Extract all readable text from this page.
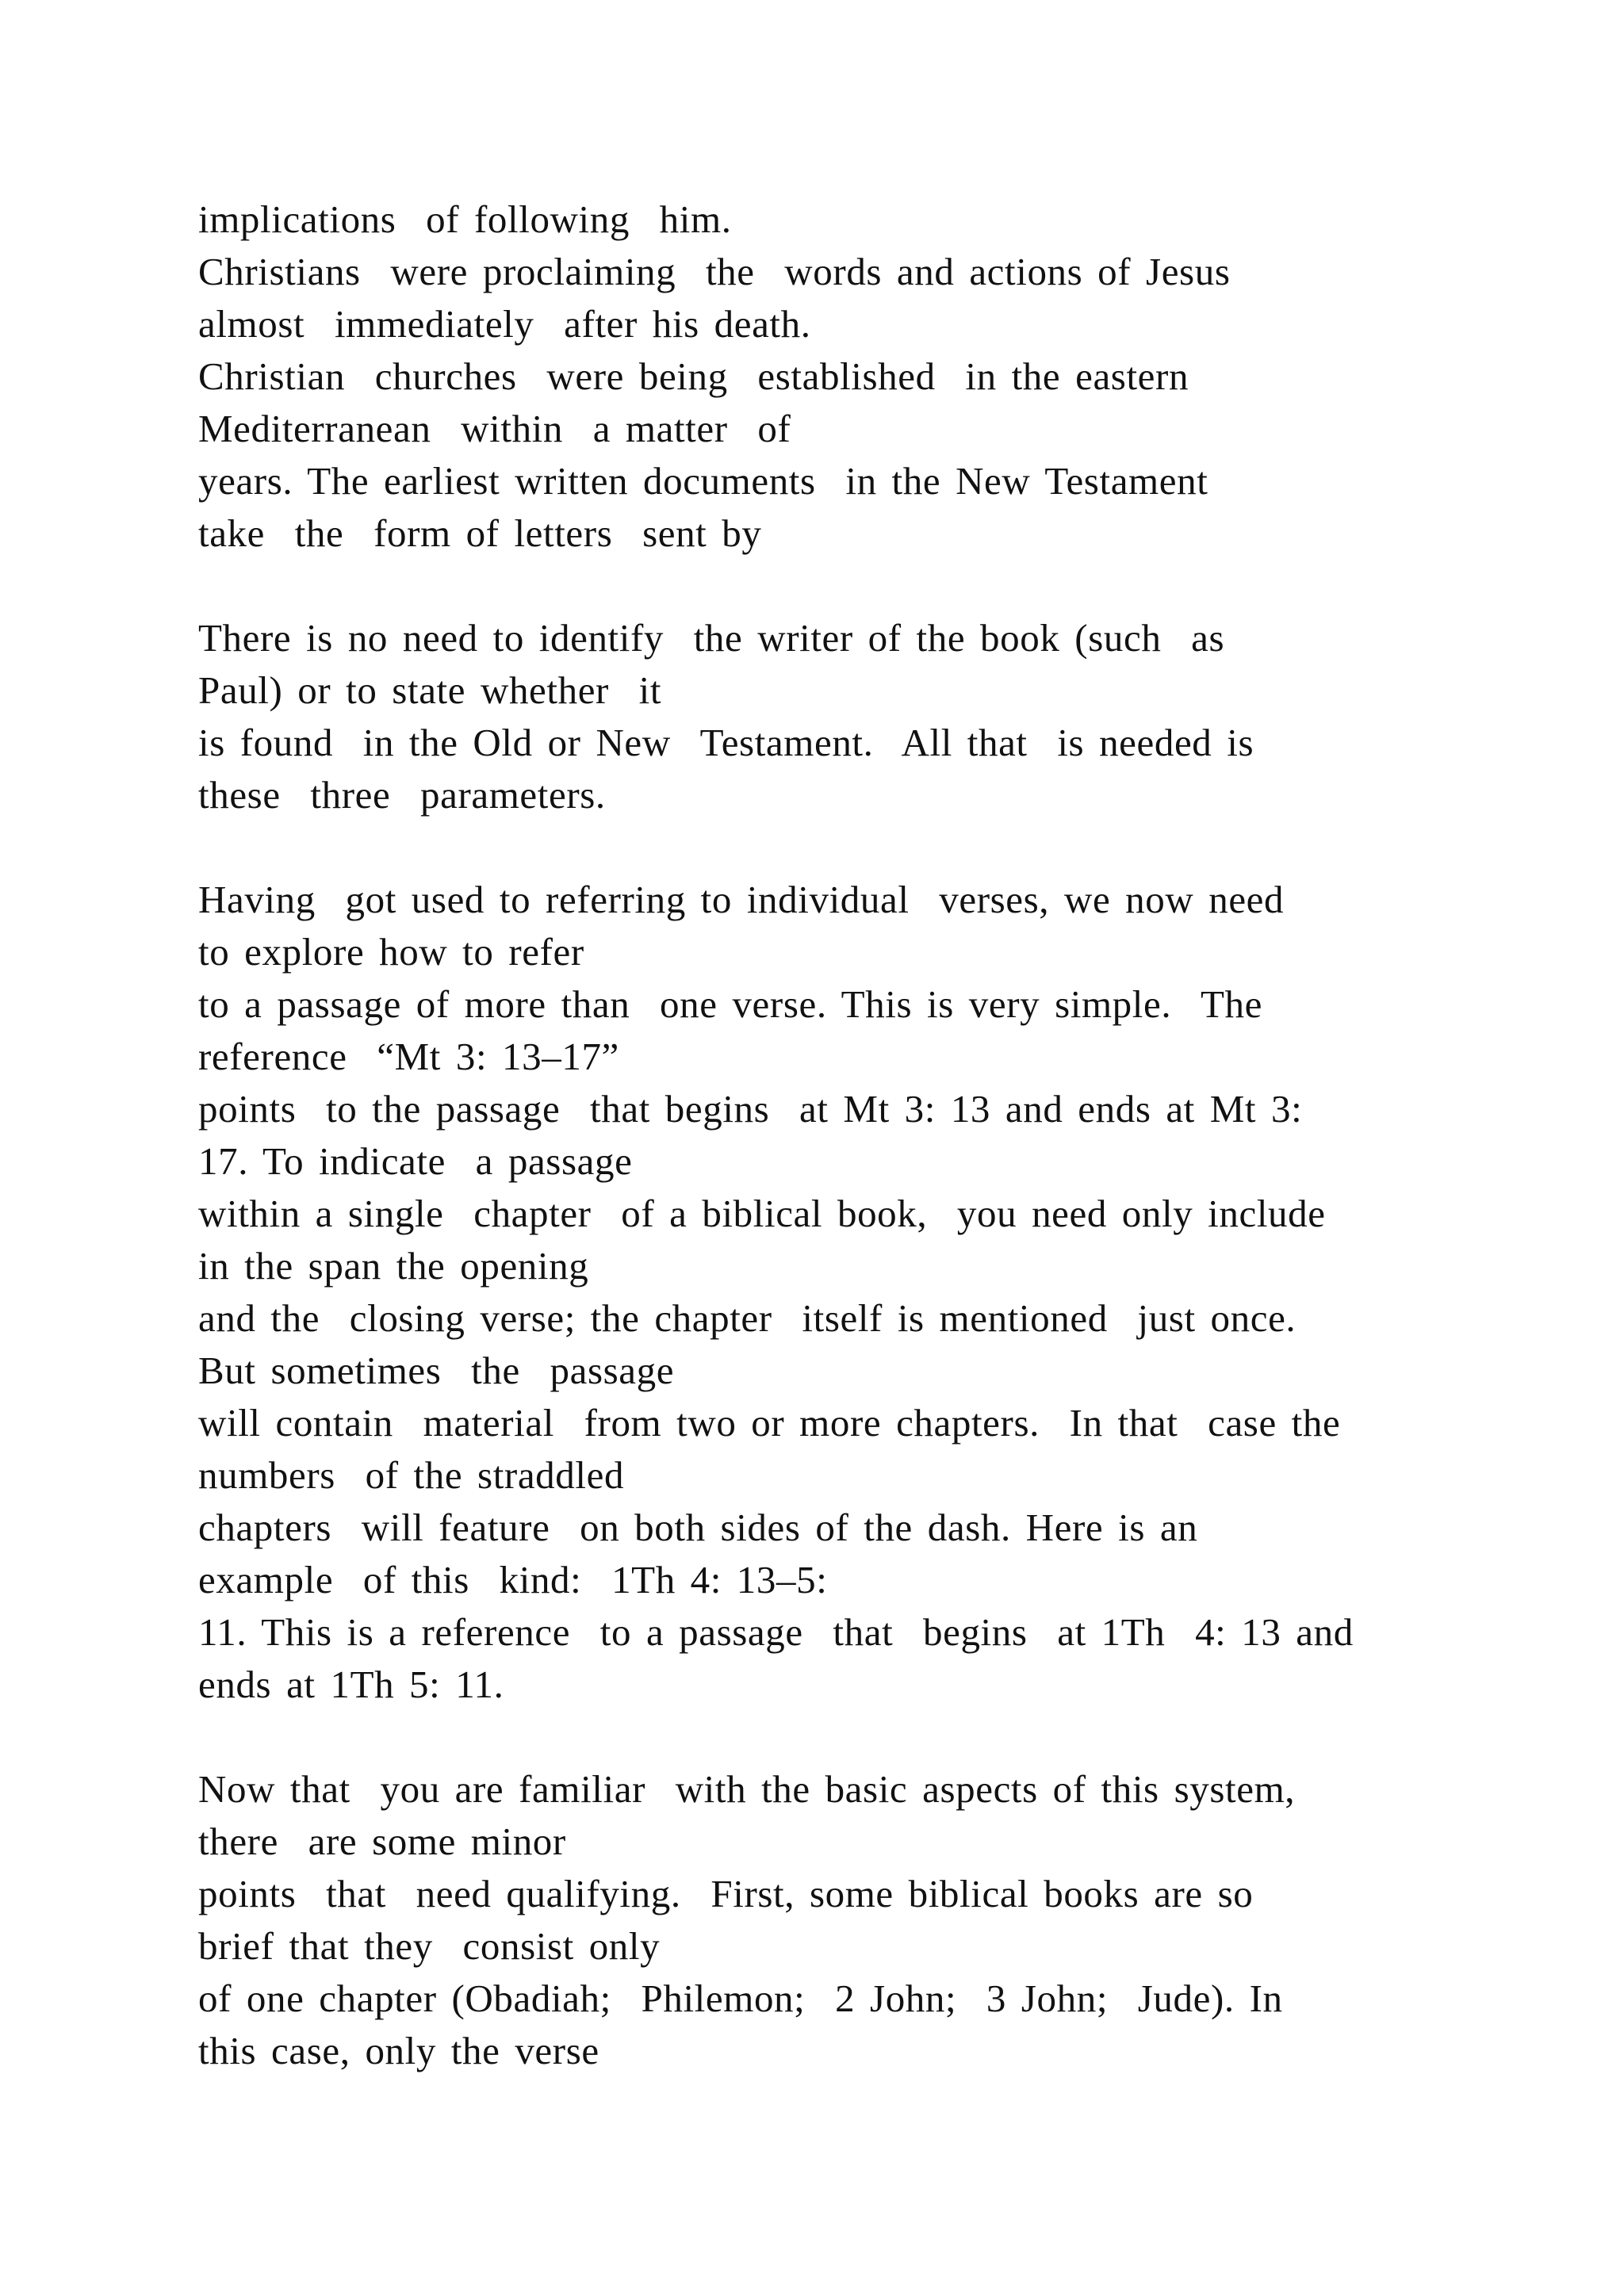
implications  of following  him.
Christians  were proclaiming  the  words and actions of Jesus
almost  immediately  after his death.
Christian  churches  were being  established  in the eastern
Mediterranean  within  a matter  of
years. The earliest written documents  in the New Testament
take  the  form of letters  sent by
There is no need to identify  the writer of the book (such  as
Paul) or to state whether  it
is found  in the Old or New  Testament.  All that  is needed is
these  three  parameters.
Having  got used to referring to individual  verses, we now need
to explore how to refer
to a passage of more than  one verse. This is very simple.  The
reference  “Mt 3: 13–17”
points  to the passage  that begins  at Mt 3: 13 and ends at Mt 3:
17. To indicate  a passage
within a single  chapter  of a biblical book,  you need only include
in the span the opening
and the  closing verse; the chapter  itself is mentioned  just once.
But sometimes  the  passage
will contain  material  from two or more chapters.  In that  case the
numbers  of the straddled
chapters  will feature  on both sides of the dash. Here is an
example  of this  kind:  1Th 4: 13–5:
11. This is a reference  to a passage  that  begins  at 1Th  4: 13 and
ends at 1Th 5: 11.
Now that  you are familiar  with the basic aspects of this system,
there  are some minor
points  that  need qualifying.  First, some biblical books are so
brief that they  consist only
of one chapter (Obadiah;  Philemon;  2 John;  3 John;  Jude). In
this case, only the verse
